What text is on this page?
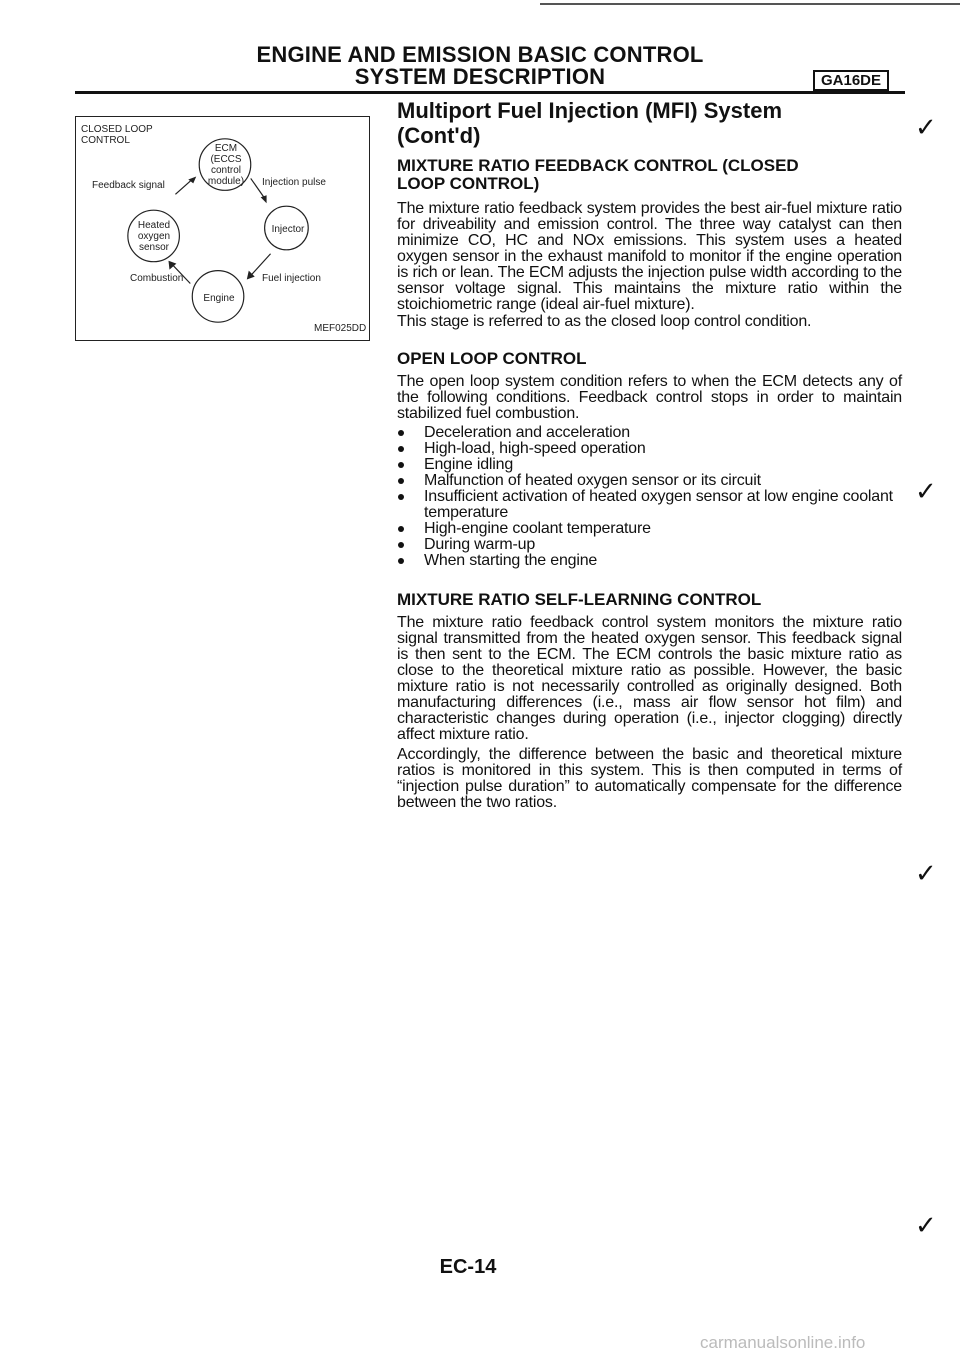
ENGINE AND EMISSION BASIC CONTROL
SYSTEM DESCRIPTION	GA16DE
CLOSED LOOP
CONTROL
ECM
(ECCS
control
module)
Feedback signal	Injection pulse
Heated
oxygen
sensor
Injector
Combustion
Engine
Fuel injection
MEF025DD
Multiport Fuel Injection (MFI) System
(Cont'd)
MIXTURE RATIO FEEDBACK CONTROL (CLOSED
LOOP CONTROL)

The mixture ratio feedback system provides the best air-fuel mixture ratio for driveability and emission control. The three way catalyst can then minimize CO, HC and NOx emissions. This system uses a heated oxygen sensor in the exhaust manifold to monitor if the engine operation is rich or lean. The ECM adjusts the injection pulse width according to the sensor voltage signal. This maintains the mixture ratio within the stoichiometric range (ideal air-fuel mixture).

This stage is referred to as the closed loop control condition.

OPEN LOOP CONTROL

The open loop system condition refers to when the ECM detects any of the following conditions. Feedback control stops in order to maintain stabilized fuel combustion.

Deceleration and acceleration
High-load, high-speed operation
Engine idling
Malfunction of heated oxygen sensor or its circuit
Insufficient activation of heated oxygen sensor at low engine coolant temperature
High-engine coolant temperature
During warm-up
When starting the engine
MIXTURE RATIO SELF-LEARNING CONTROL

The mixture ratio feedback control system monitors the mixture ratio signal transmitted from the heated oxygen sensor. This feedback signal is then sent to the ECM. The ECM controls the basic mixture ratio as close to the theoretical mixture ratio as possible. However, the basic mixture ratio is not necessarily controlled as originally designed. Both manufacturing differences (i.e., mass air flow sensor hot film) and characteristic changes during operation (i.e., injector clogging) directly affect mixture ratio.

Accordingly, the difference between the basic and theoretical mixture ratios is monitored in this system. This is then computed in terms of “injection pulse duration” to automatically compensate for the difference between the two ratios.

✓
✓
✓
✓
EC-14
carmanualsonline.info
